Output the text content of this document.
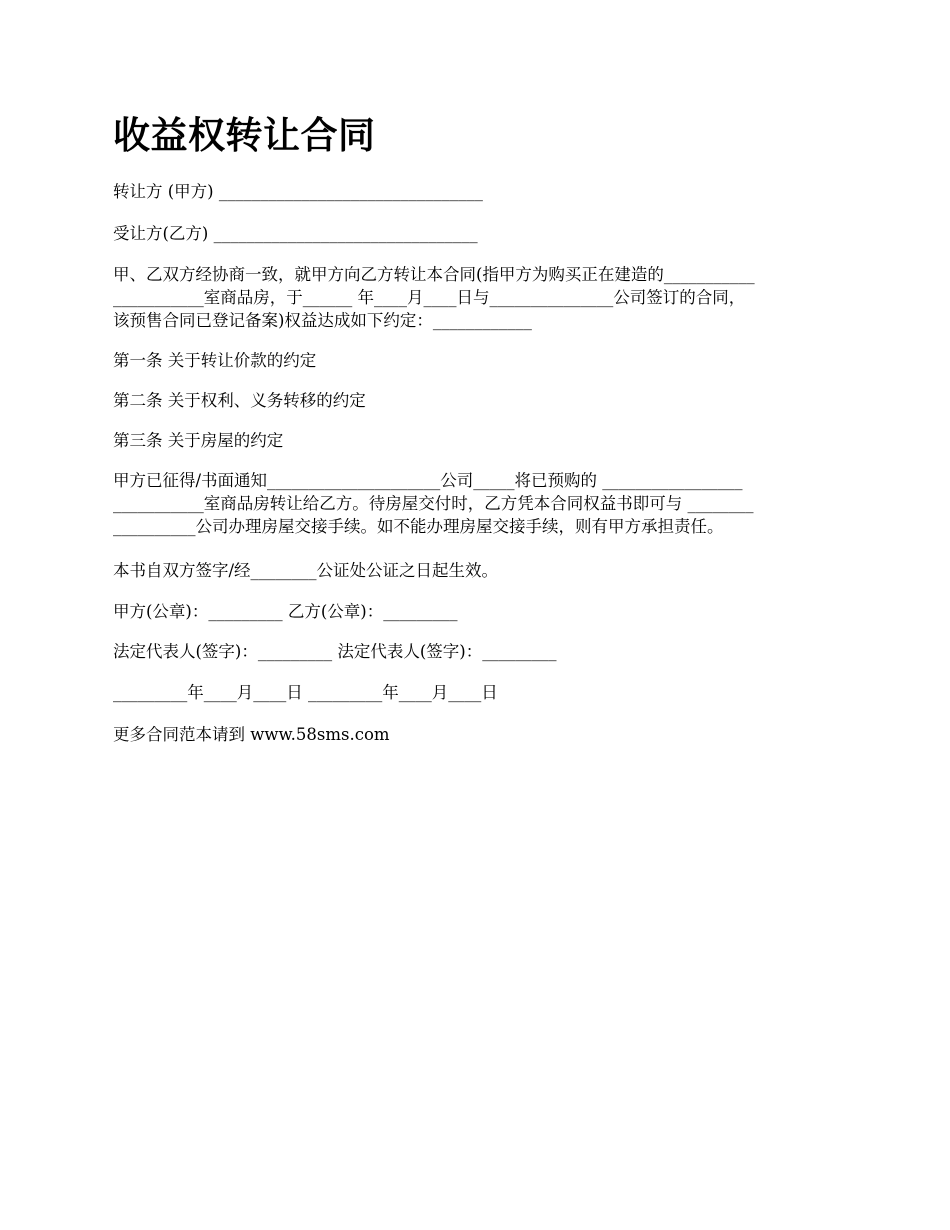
收益权转让合同

转让方 (甲方) ________________________________

受让方(乙方) ________________________________

甲、乙双方经协商一致，就甲方向乙方转让本合同(指甲方为购买正在建造的___________
___________室商品房，于______ 年____月____日与_______________公司签订的合同，
该预售合同已登记备案)权益达成如下约定：____________

第一条 关于转让价款的约定

第二条 关于权利、义务转移的约定

第三条 关于房屋的约定

甲方已征得/书面通知_____________________公司_____将已预购的 _________________
___________室商品房转让给乙方。待房屋交付时，乙方凭本合同权益书即可与 ________
__________公司办理房屋交接手续。如不能办理房屋交接手续，则有甲方承担责任。

本书自双方签字/经________公证处公证之日起生效。

甲方(公章)：_________ 乙方(公章)：_________

法定代表人(签字)：_________ 法定代表人(签字)：_________

_________年____月____日 _________年____月____日

更多合同范本请到 www.58sms.com
